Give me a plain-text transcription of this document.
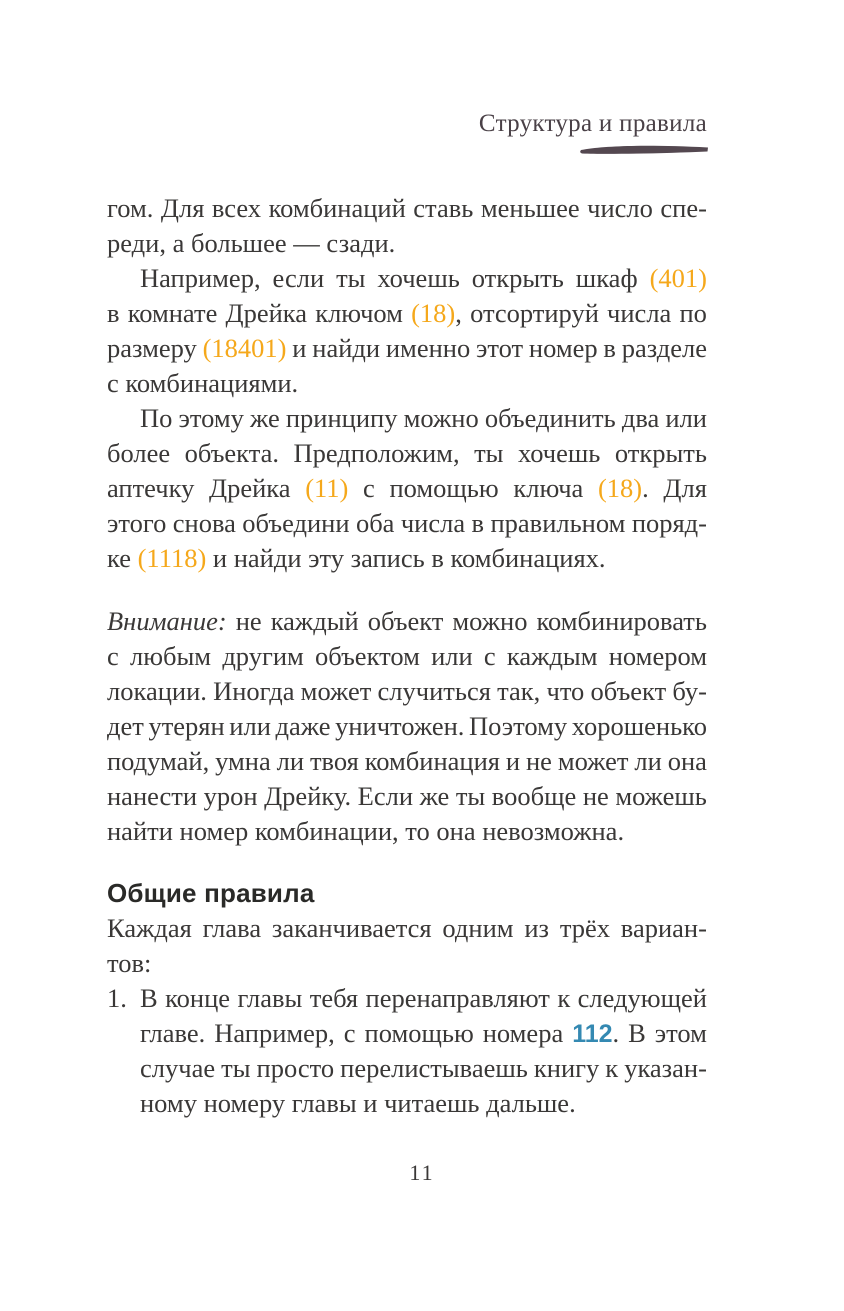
Структура и правила
гом. Для всех комбинаций ставь меньшее число спе-
реди, а большее — сзади.
Например, если ты хочешь открыть шкаф (401)
в комнате Дрейка ключом (18), отсортируй числа по
размеру (18401) и найди именно этот номер в разделе
с комбинациями.
По этому же принципу можно объединить два или
более объекта. Предположим, ты хочешь открыть
аптечку Дрейка (11) с помощью ключа (18). Для
этого снова объедини оба числа в правильном поряд-
ке (1118) и найди эту запись в комбинациях.
Внимание: не каждый объект можно комбинировать
с любым другим объектом или с каждым номером
локации. Иногда может случиться так, что объект бу-
дет утерян или даже уничтожен. Поэтому хорошенько
подумай, умна ли твоя комбинация и не может ли она
нанести урон Дрейку. Если же ты вообще не можешь
найти номер комбинации, то она невозможна.
Общие правила
Каждая глава заканчивается одним из трёх вариан-
тов:
1. В конце главы тебя перенаправляют к следующей
главе. Например, с помощью номера 112. В этом
случае ты просто перелистываешь книгу к указан-
ному номеру главы и читаешь дальше.
11
